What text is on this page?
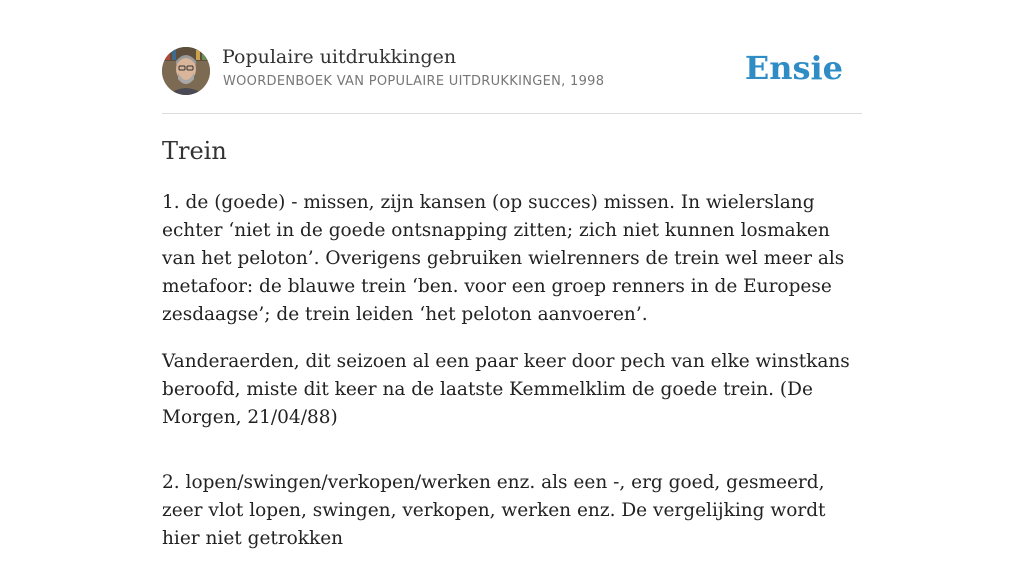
Populaire uitdrukkingen
WOORDENBOEK VAN POPULAIRE UITDRUKKINGEN, 1998	Ensie
Trein

1. de (goede) - missen, zijn kansen (op succes) missen. In wielerslang echter ‘niet in de goede ontsnapping zitten; zich niet kunnen losmaken van het peloton’. Overigens gebruiken wielrenners de trein wel meer als metafoor: de blauwe trein ‘ben. voor een groep renners in de Europese zesdaagse’; de trein leiden ‘het peloton aanvoeren’.

Vanderaerden, dit seizoen al een paar keer door pech van elke winstkans beroofd, miste dit keer na de laatste Kemmelklim de goede trein. (De Morgen, 21/04/88)

2. lopen/swingen/verkopen/werken enz. als een -, erg goed, gesmeerd, zeer vlot lopen, swingen, verkopen, werken enz. De vergelijking wordt hier niet getrokken
